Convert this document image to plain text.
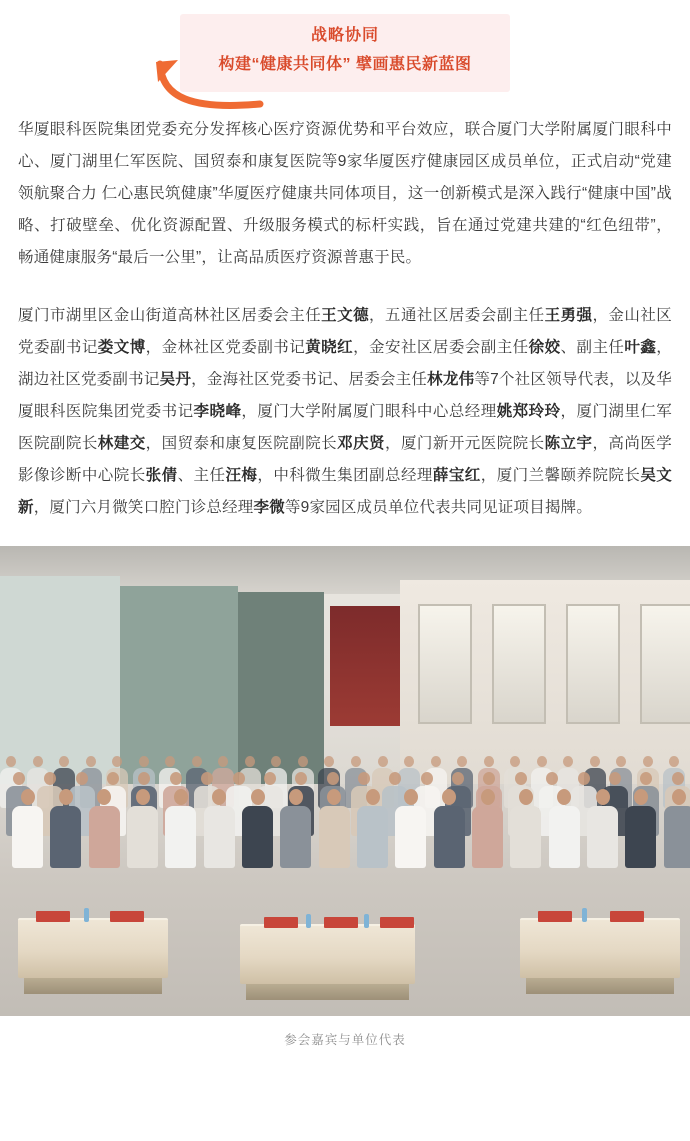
战略协同
构建“健康共同体” 擘画惠民新蓝图

华厦眼科医院集团党委充分发挥核心医疗资源优势和平台效应，联合厦门大学附属厦门眼科中心、厦门湖里仁军医院、国贸泰和康复医院等9家华厦医疗健康园区成员单位，正式启动“党建领航聚合力 仁心惠民筑健康”华厦医疗健康共同体项目，这一创新模式是深入践行“健康中国”战略、打破壁垒、优化资源配置、升级服务模式的标杆实践，旨在通过党建共建的“红色纽带”，畅通健康服务“最后一公里”，让高品质医疗资源普惠于民。

厦门市湖里区金山街道高林社区居委会主任王文德，五通社区居委会副主任王勇强，金山社区党委副书记娄文博，金林社区党委副书记黄晓红，金安社区居委会副主任徐姣、副主任叶鑫，湖边社区党委副书记吴丹，金海社区党委书记、居委会主任林龙伟等7个社区领导代表，以及华厦眼科医院集团党委书记李晓峰，厦门大学附属厦门眼科中心总经理姚郑玲玲，厦门湖里仁军医院副院长林建交，国贸泰和康复医院副院长邓庆贤，厦门新开元医院院长陈立宇，高尚医学影像诊断中心院长张倩、主任汪梅，中科微生集团副总经理薛宝红，厦门兰馨颐养院院长吴文新，厦门六月微笑口腔门诊总经理李微等9家园区成员单位代表共同见证项目揭牌。

参会嘉宾与单位代表
